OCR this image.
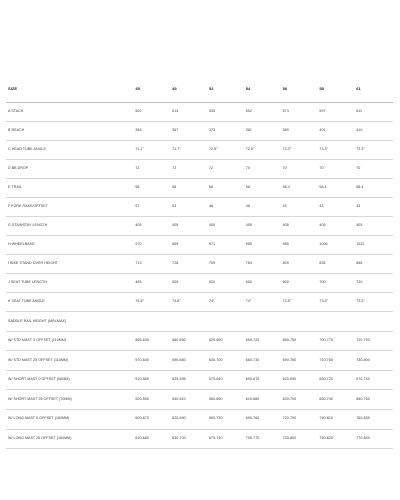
SIZE	45	49	52	54	56	58	61
A STACK	502	514	535	552	574	597	611
B REACH	365	367	373	381	389	401	410
C HEAD TUBE ANGLE	71.1°	71.7°	72.5°	72.5°	73.3°	73.3°	73.3°
D BB DROP	72	72	72	70	70	70	70
E TRAIL	58	58	58	58	58.4	58.4	58.4
F FORK RAKE/OFFSET	57	53	48	48	43	43	43
G STAINSTAY LENGTH	405	405	405	405	405	405	405
H WHEELBASE	970	969	971	985	985	1006	1022
I BIKE STAND OVER HEIGHT	713	728	759	784	809	835	868
J SEAT TUBE LENGTH	465	500	520	600	600	700	720
K SEAT TUBE ANGLE	75.5°	74.8°	74°	74°	73.5°	73.5°	73.5°
SADDLE RAIL HEIGHT (MIN-MAX)
W/ STD MAST 0 OFFSET (110MM)	565-635	580-650	620-690	650-720	680-750	700-770	720-790
W/ STD MAST 25 OFFSET (110MM)	570-640	590-660	630-700	660-730	690-760	710-780	730-800
W/ SHORT MAST 0 OFFSET (60MM)	510-580	525-595	570-640	600-670	620-690	650-720	670-740
W/ SHORT MAST 25 OFFSET (70MM)	520-590	540-610	580-650	610-680	630-700	650-740	680-750
W/ LONG MAST 0 OFFSET (160MM)	600-670	620-690	660-730	690-760	720-790	740-810	760-830
W/ LONG MAST 25 OFFSET (160MM)	610-680	630-700	670-740	700-770	730-800	750-820	770-840
